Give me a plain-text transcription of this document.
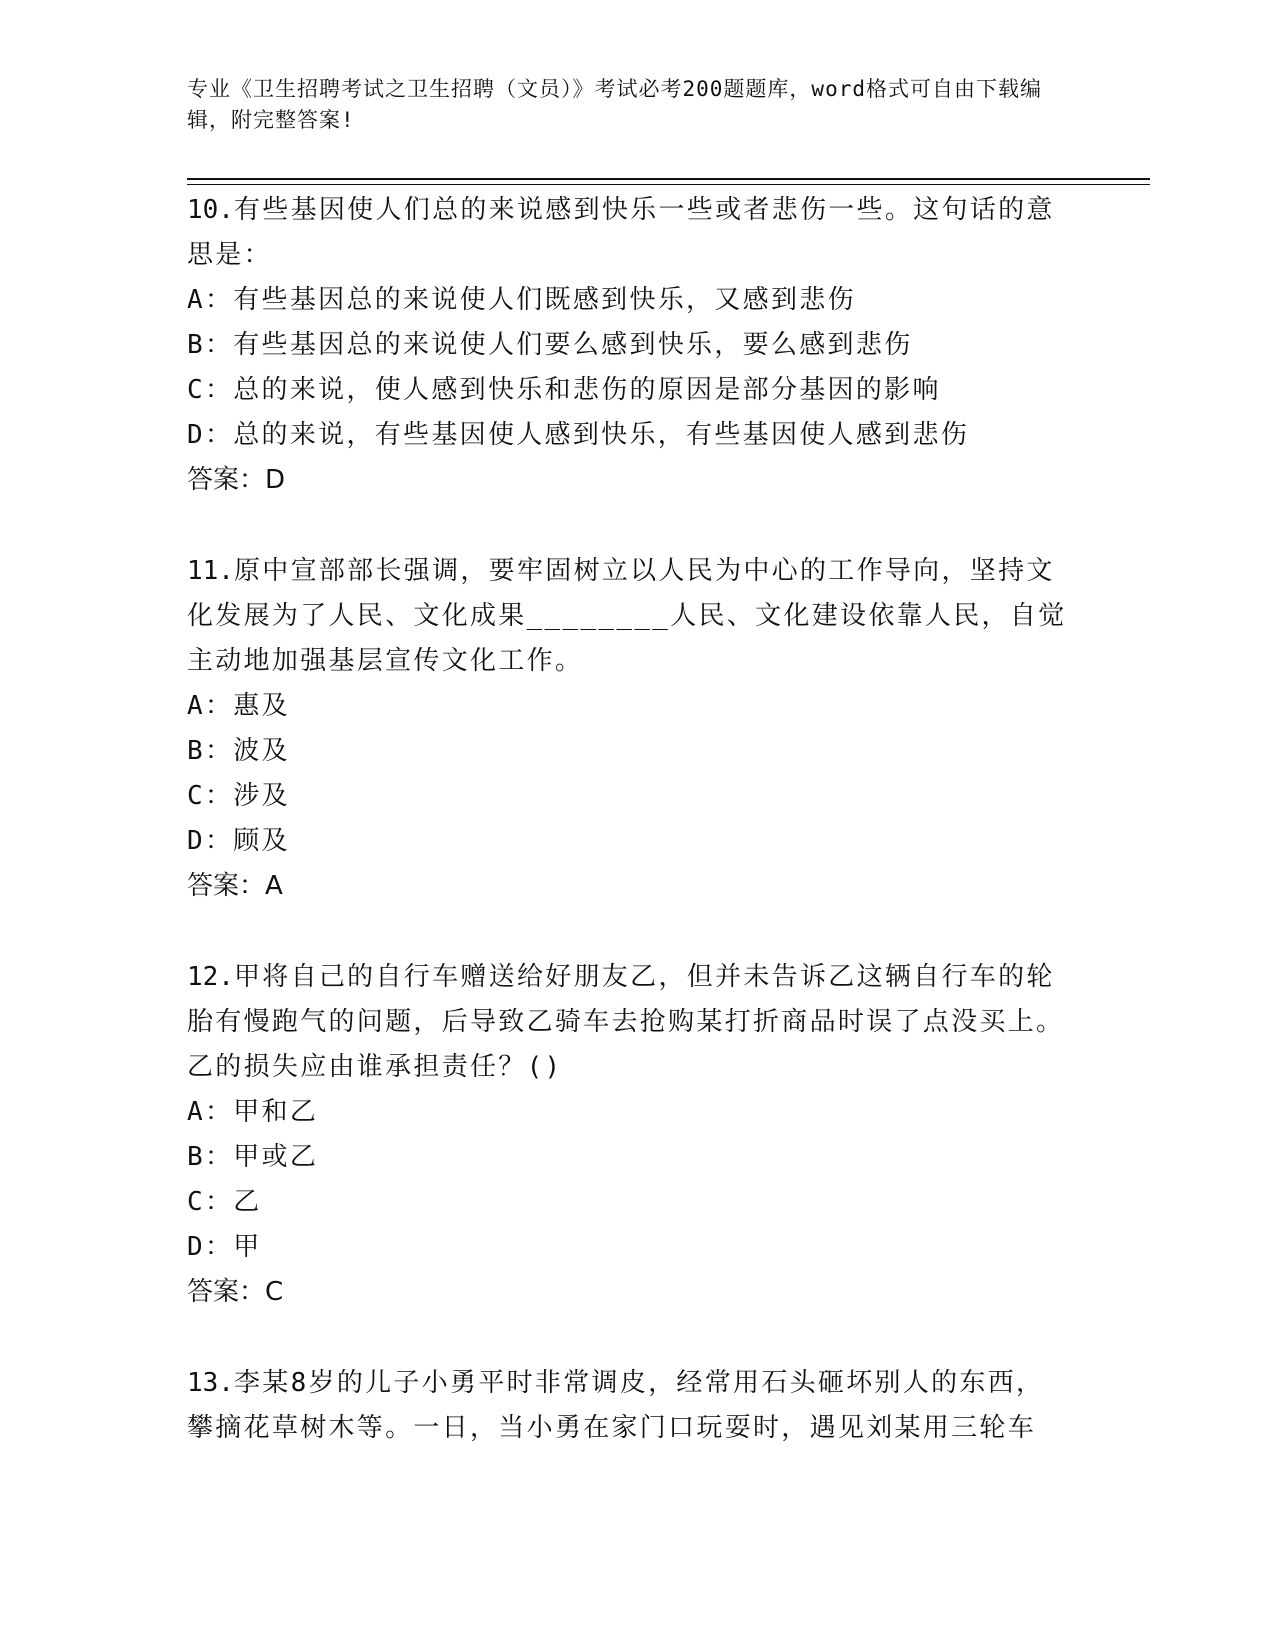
专业《卫生招聘考试之卫生招聘（文员）》考试必考200题题库，word格式可自由下载编辑，附完整答案!

10.有些基因使人们总的来说感到快乐一些或者悲伤一些。这句话的意思是：

A：有些基因总的来说使人们既感到快乐，又感到悲伤

B：有些基因总的来说使人们要么感到快乐，要么感到悲伤

C：总的来说，使人感到快乐和悲伤的原因是部分基因的影响

D：总的来说，有些基因使人感到快乐，有些基因使人感到悲伤

答案：D

11.原中宣部部长强调，要牢固树立以人民为中心的工作导向，坚持文化发展为了人民、文化成果________人民、文化建设依靠人民，自觉主动地加强基层宣传文化工作。

A：惠及

B：波及

C：涉及

D：顾及

答案：A

12.甲将自己的自行车赠送给好朋友乙，但并未告诉乙这辆自行车的轮胎有慢跑气的问题，后导致乙骑车去抢购某打折商品时误了点没买上。乙的损失应由谁承担责任？()

A：甲和乙

B：甲或乙

C：乙

D：甲

答案：C

13.李某8岁的儿子小勇平时非常调皮，经常用石头砸坏别人的东西，攀摘花草树木等。一日，当小勇在家门口玩耍时，遇见刘某用三轮车
